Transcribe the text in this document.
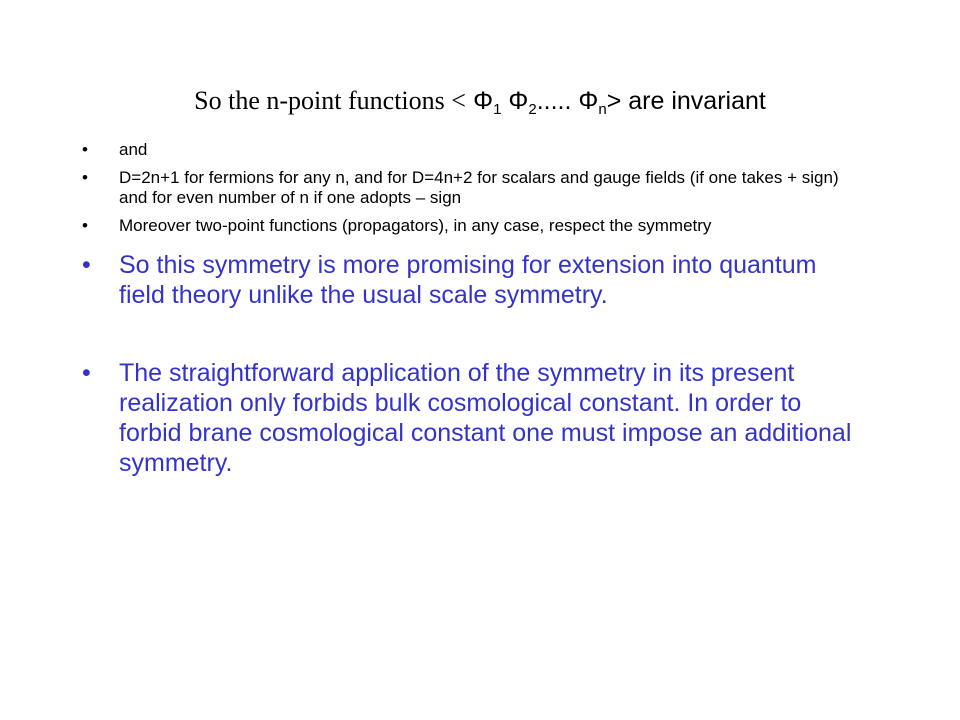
So the n-point functions < $\Phi_1$ $\Phi_2$..... $\Phi_n>$ are invariant
• and
• D=2n+1 for fermions for any n, and for D=4n+2 for scalars and gauge fields (if one takes + sign) and for even number of n if one adopts – sign
• Moreover two-point functions (propagators), in any case, respect the symmetry
• So this symmetry is more promising for extension into quantum field theory unlike the usual scale symmetry.
• The straightforward application of the symmetry in its present realization only forbids bulk cosmological constant. In order to forbid brane cosmological constant one must impose an additional symmetry.
